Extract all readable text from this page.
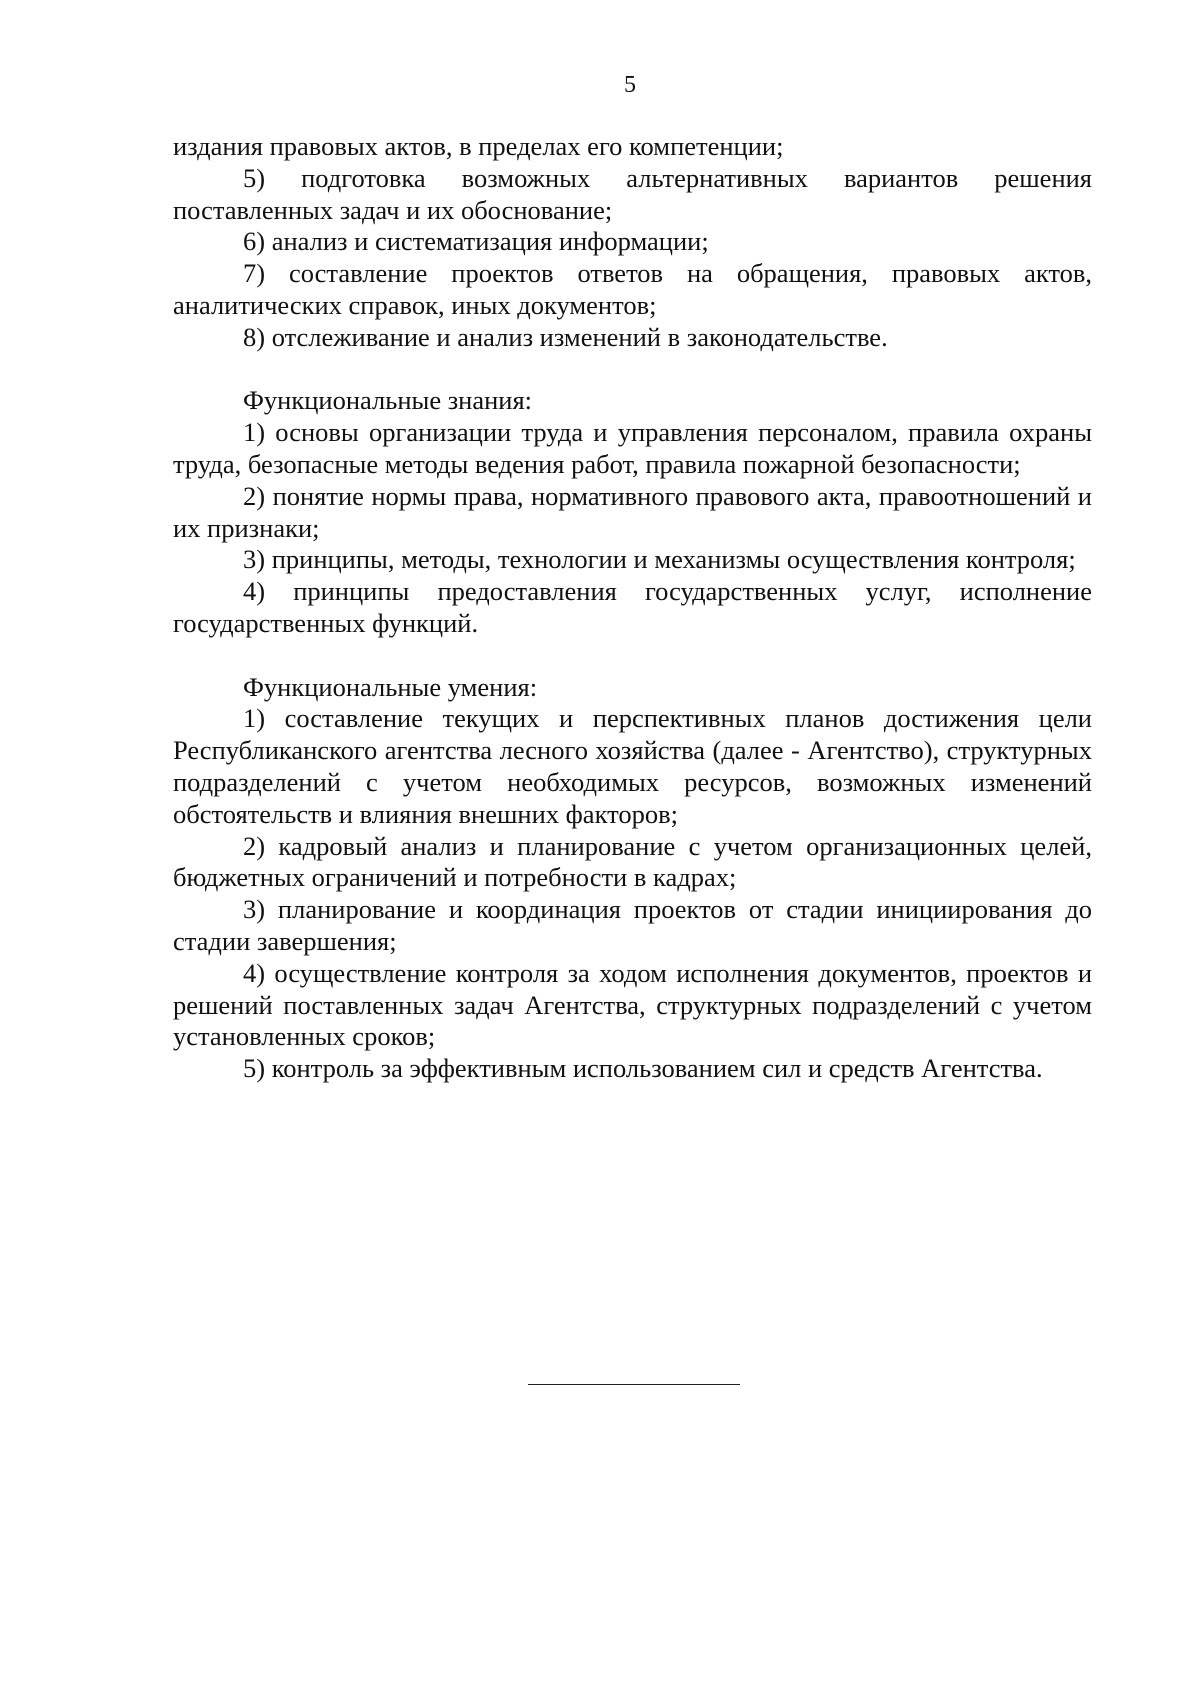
5

издания правовых актов, в пределах его компетенции;

5) подготовка возможных альтернативных вариантов решения поставленных задач и их обоснование;

6) анализ и систематизация информации;

7) составление проектов ответов на обращения, правовых актов, аналитических справок, иных документов;

8) отслеживание и анализ изменений в законодательстве.

Функциональные знания:

1) основы организации труда и управления персоналом, правила охраны труда, безопасные методы ведения работ, правила пожарной безопасности;

2) понятие нормы права, нормативного правового акта, правоотношений и их признаки;

3) принципы, методы, технологии и механизмы осуществления контроля;

4) принципы предоставления государственных услуг, исполнение государственных функций.

Функциональные умения:

1) составление текущих и перспективных планов достижения цели Республиканского агентства лесного хозяйства (далее - Агентство), структурных подразделений с учетом необходимых ресурсов, возможных изменений обстоятельств и влияния внешних факторов;

2) кадровый анализ и планирование с учетом организационных целей, бюджетных ограничений и потребности в кадрах;

3) планирование и координация проектов от стадии инициирования до стадии завершения;

4) осуществление контроля за ходом исполнения документов, проектов и решений поставленных задач Агентства, структурных подразделений с учетом установленных сроков;

5) контроль за эффективным использованием сил и средств Агентства.
